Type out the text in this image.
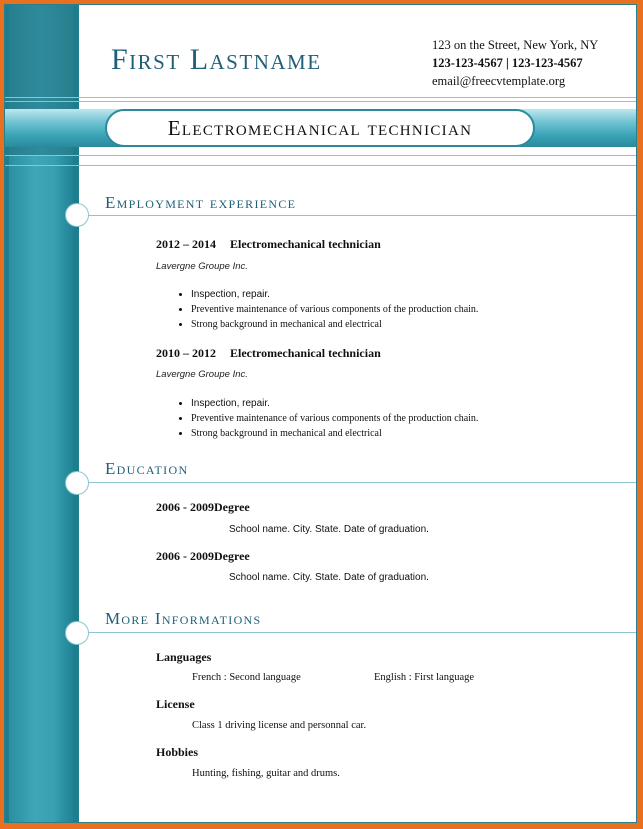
First Lastname	123 on the Street, New York, NY
123-123-4567 | 123-123-4567
email@freecvtemplate.org
Electromechanical technician
Employment experience
2012 – 2014 Electromechanical technician
Lavergne Groupe Inc.
• Inspection, repair.
• Preventive maintenance of various components of the production chain.
• Strong background in mechanical and electrical
2010 – 2012 Electromechanical technician
Lavergne Groupe Inc.
• Inspection, repair.
• Preventive maintenance of various components of the production chain.
• Strong background in mechanical and electrical
Education
2006 - 2009Degree
School name. City. State. Date of graduation.
2006 - 2009Degree
School name. City. State. Date of graduation.
More Informations
Languages
French : Second language	English : First language
License
Class 1 driving license and personnal car.
Hobbies
Hunting, fishing, guitar and drums.
